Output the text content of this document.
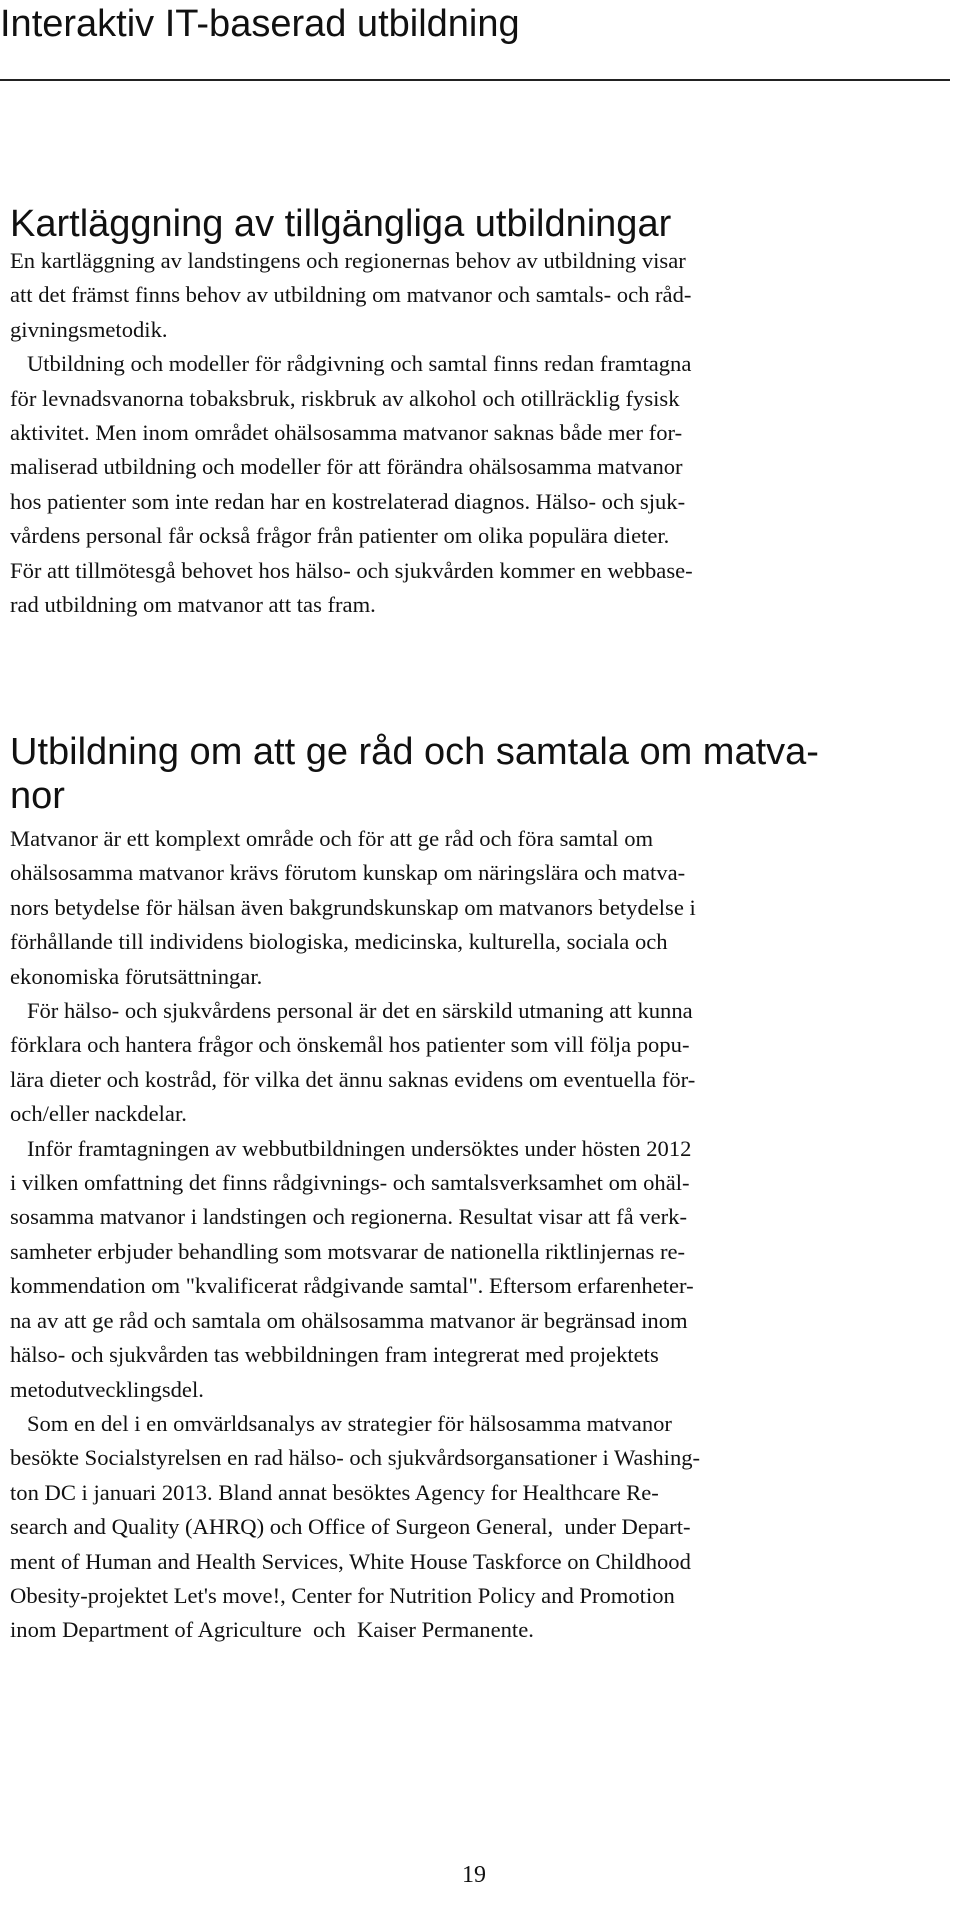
Interaktiv IT-baserad utbildning
Kartläggning av tillgängliga utbildningar
En kartläggning av landstingens och regionernas behov av utbildning visar
att det främst finns behov av utbildning om matvanor och samtals- och råd-
givningsmetodik.
Utbildning och modeller för rådgivning och samtal finns redan framtagna
för levnadsvanorna tobaksbruk, riskbruk av alkohol och otillräcklig fysisk
aktivitet. Men inom området ohälsosamma matvanor saknas både mer for-
maliserad utbildning och modeller för att förändra ohälsosamma matvanor
hos patienter som inte redan har en kostrelaterad diagnos. Hälso- och sjuk-
vårdens personal får också frågor från patienter om olika populära dieter.
För att tillmötesgå behovet hos hälso- och sjukvården kommer en webbase-
rad utbildning om matvanor att tas fram.
Utbildning om att ge råd och samtala om matva-
nor
Matvanor är ett komplext område och för att ge råd och föra samtal om
ohälsosamma matvanor krävs förutom kunskap om näringslära och matva-
nors betydelse för hälsan även bakgrundskunskap om matvanors betydelse i
förhållande till individens biologiska, medicinska, kulturella, sociala och
ekonomiska förutsättningar.
För hälso- och sjukvårdens personal är det en särskild utmaning att kunna
förklara och hantera frågor och önskemål hos patienter som vill följa popu-
lära dieter och kostråd, för vilka det ännu saknas evidens om eventuella för-
och/eller nackdelar.
Inför framtagningen av webbutbildningen undersöktes under hösten 2012
i vilken omfattning det finns rådgivnings- och samtalsverksamhet om ohäl-
sosamma matvanor i landstingen och regionerna. Resultat visar att få verk-
samheter erbjuder behandling som motsvarar de nationella riktlinjernas re-
kommendation om "kvalificerat rådgivande samtal". Eftersom erfarenheter-
na av att ge råd och samtala om ohälsosamma matvanor är begränsad inom
hälso- och sjukvården tas webbildningen fram integrerat med projektets
metodutvecklingsdel.
Som en del i en omvärldsanalys av strategier för hälsosamma matvanor
besökte Socialstyrelsen en rad hälso- och sjukvårdsorgansationer i Washing-
ton DC i januari 2013. Bland annat besöktes Agency for Healthcare Re-
search and Quality (AHRQ) och Office of Surgeon General,  under Depart-
ment of Human and Health Services, White House Taskforce on Childhood
Obesity-projektet Let's move!, Center for Nutrition Policy and Promotion
inom Department of Agriculture  och  Kaiser Permanente.
19
